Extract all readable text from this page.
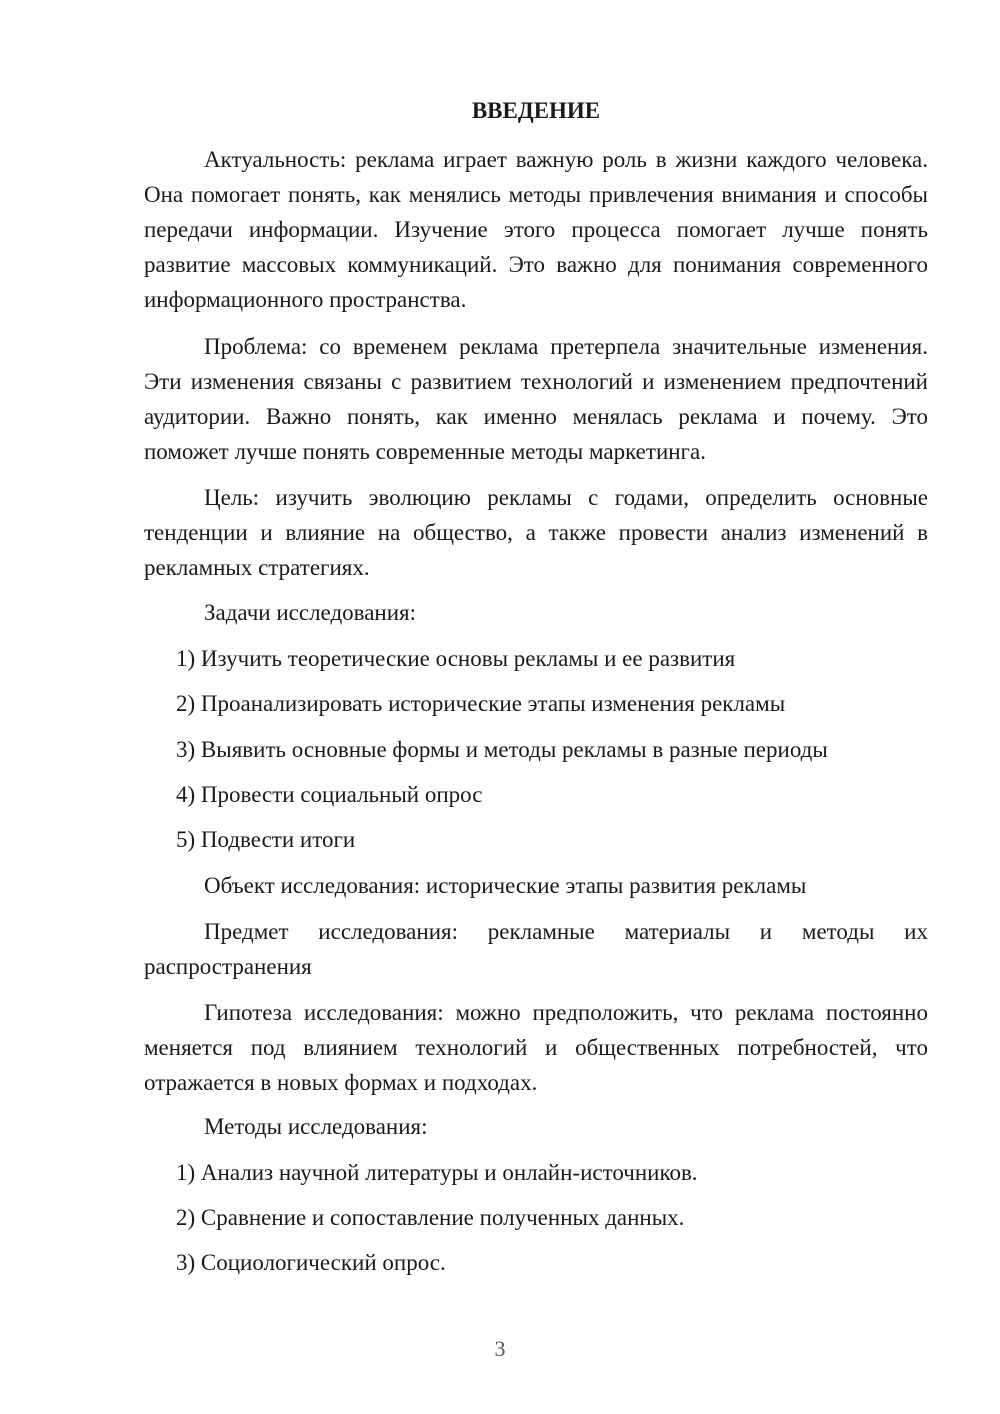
ВВЕДЕНИЕ

Актуальность: реклама играет важную роль в жизни каждого человека. Она помогает понять, как менялись методы привлечения внимания и способы передачи информации. Изучение этого процесса помогает лучше понять развитие массовых коммуникаций. Это важно для понимания современного информационного пространства.

Проблема: со временем реклама претерпела значительные изменения. Эти изменения связаны с развитием технологий и изменением предпочтений аудитории. Важно понять, как именно менялась реклама и почему. Это поможет лучше понять современные методы маркетинга.

Цель: изучить эволюцию рекламы с годами, определить основные тенденции и влияние на общество, а также провести анализ изменений в рекламных стратегиях.

Задачи исследования:

1) Изучить теоретические основы рекламы и ее развития

2) Проанализировать исторические этапы изменения рекламы

3) Выявить основные формы и методы рекламы в разные периоды

4) Провести социальный опрос

5) Подвести итоги

Объект исследования: исторические этапы развития рекламы

Предмет исследования: рекламные материалы и методы их распространения

Гипотеза исследования: можно предположить, что реклама постоянно меняется под влиянием технологий и общественных потребностей, что отражается в новых формах и подходах.

Методы исследования:

1) Анализ научной литературы и онлайн-источников.

2) Сравнение и сопоставление полученных данных.

3) Социологический опрос.

3
